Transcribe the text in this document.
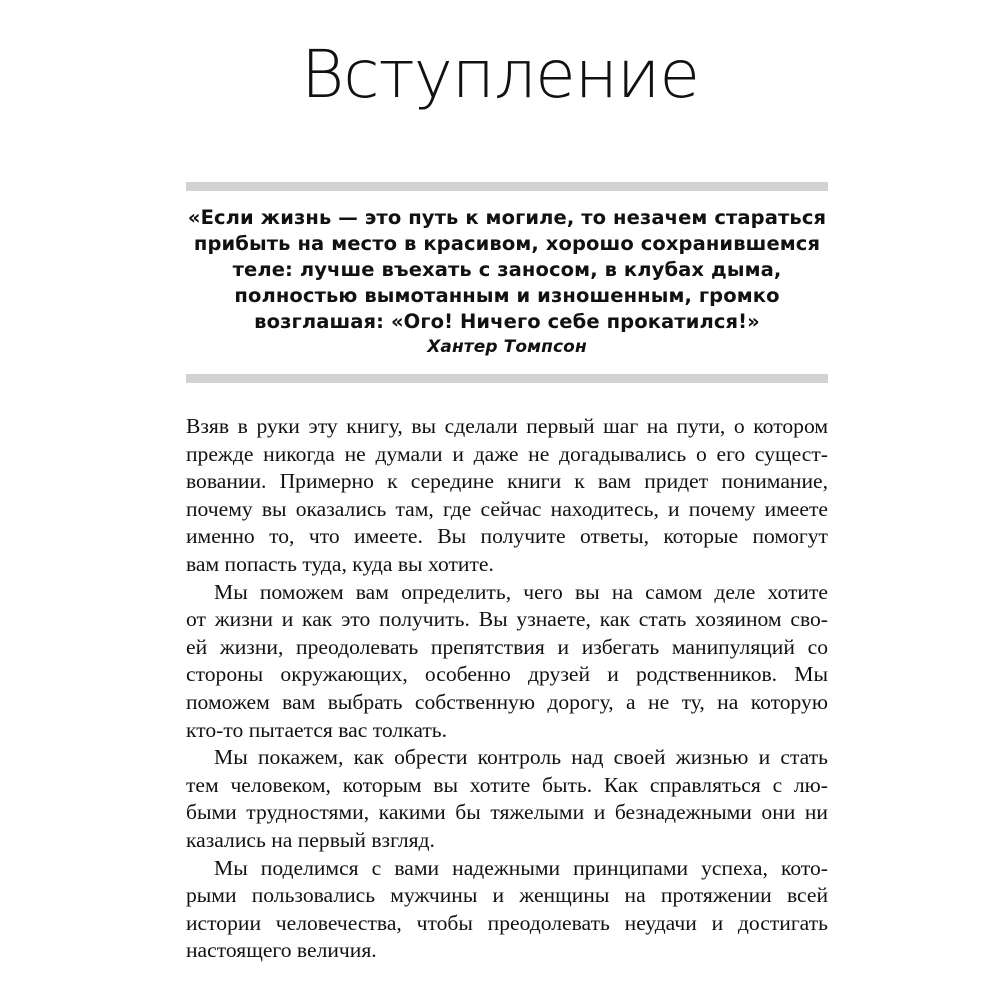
Вступление
«Если жизнь — это путь к могиле, то незачем стараться
прибыть на место в красивом, хорошо сохранившемся
теле: лучше въехать с заносом, в клубах дыма,
полностью вымотанным и изношенным, громко
возглашая: «Ого! Ничего себе прокатился!»
Хантер Томпсон
Взяв в руки эту книгу, вы сделали первый шаг на пути, о котором
прежде никогда не думали и даже не догадывались о его сущест-
вовании. Примерно к середине книги к вам придет понимание,
почему вы оказались там, где сейчас находитесь, и почему имеете
именно то, что имеете. Вы получите ответы, которые помогут
вам попасть туда, куда вы хотите.
Мы поможем вам определить, чего вы на самом деле хотите
от жизни и как это получить. Вы узнаете, как стать хозяином сво-
ей жизни, преодолевать препятствия и избегать манипуляций со
стороны окружающих, особенно друзей и родственников. Мы
поможем вам выбрать собственную дорогу, а не ту, на которую
кто-то пытается вас толкать.
Мы покажем, как обрести контроль над своей жизнью и стать
тем человеком, которым вы хотите быть. Как справляться с лю-
быми трудностями, какими бы тяжелыми и безнадежными они ни
казались на первый взгляд.
Мы поделимся с вами надежными принципами успеха, кото-
рыми пользовались мужчины и женщины на протяжении всей
истории человечества, чтобы преодолевать неудачи и достигать
настоящего величия.
